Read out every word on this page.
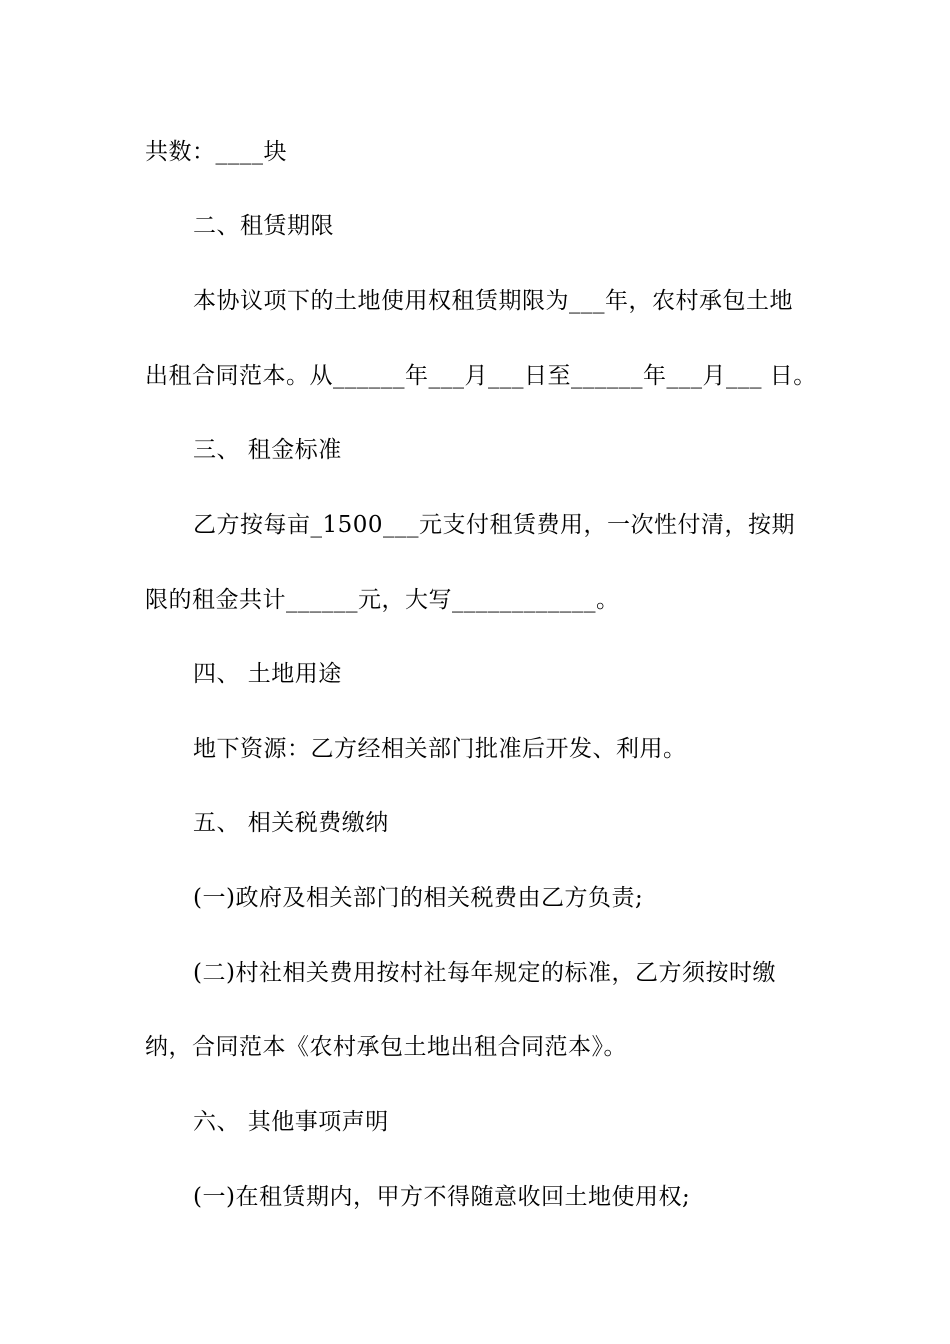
共数：____块
二、租赁期限
本协议项下的土地使用权租赁期限为___年，农村承包土地
出租合同范本。从______年___月___日至______年___月___ 日。
三、 租金标准
乙方按每亩_1500___元支付租赁费用，一次性付清，按期
限的租金共计______元，大写____________。
四、 土地用途
地下资源：乙方经相关部门批准后开发、利用。
五、 相关税费缴纳
(一)政府及相关部门的相关税费由乙方负责;
(二)村社相关费用按村社每年规定的标准，乙方须按时缴
纳，合同范本《农村承包土地出租合同范本》。
六、 其他事项声明
(一)在租赁期内，甲方不得随意收回土地使用权;
